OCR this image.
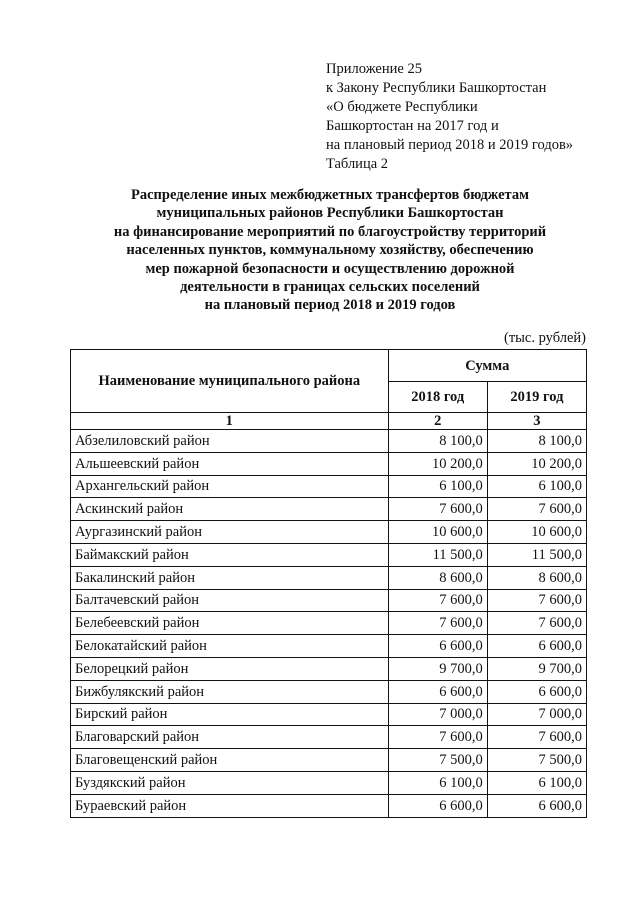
Приложение 25
к Закону Республики Башкортостан
«О бюджете Республики
Башкортостан на 2017 год и
на плановый период 2018 и 2019 годов»
Таблица 2
Распределение иных межбюджетных трансфертов бюджетам
муниципальных районов Республики Башкортостан
на финансирование мероприятий по благоустройству территорий
населенных пунктов, коммунальному хозяйству, обеспечению
мер пожарной безопасности и осуществлению дорожной
деятельности в границах сельских поселений
на плановый период 2018 и 2019 годов
(тыс. рублей)
Наименование муниципального района	Сумма	
	2018 год	2019 год
1	2	3
Абзелиловский район	8 100,0	8 100,0
Альшеевский район	10 200,0	10 200,0
Архангельский район	6 100,0	6 100,0
Аскинский район	7 600,0	7 600,0
Аургазинский район	10 600,0	10 600,0
Баймакский район	11 500,0	11 500,0
Бакалинский район	8 600,0	8 600,0
Балтачевский район	7 600,0	7 600,0
Белебеевский район	7 600,0	7 600,0
Белокатайский район	6 600,0	6 600,0
Белорецкий район	9 700,0	9 700,0
Бижбулякский район	6 600,0	6 600,0
Бирский район	7 000,0	7 000,0
Благоварский район	7 600,0	7 600,0
Благовещенский район	7 500,0	7 500,0
Буздякский район	6 100,0	6 100,0
Бураевский район	6 600,0	6 600,0
